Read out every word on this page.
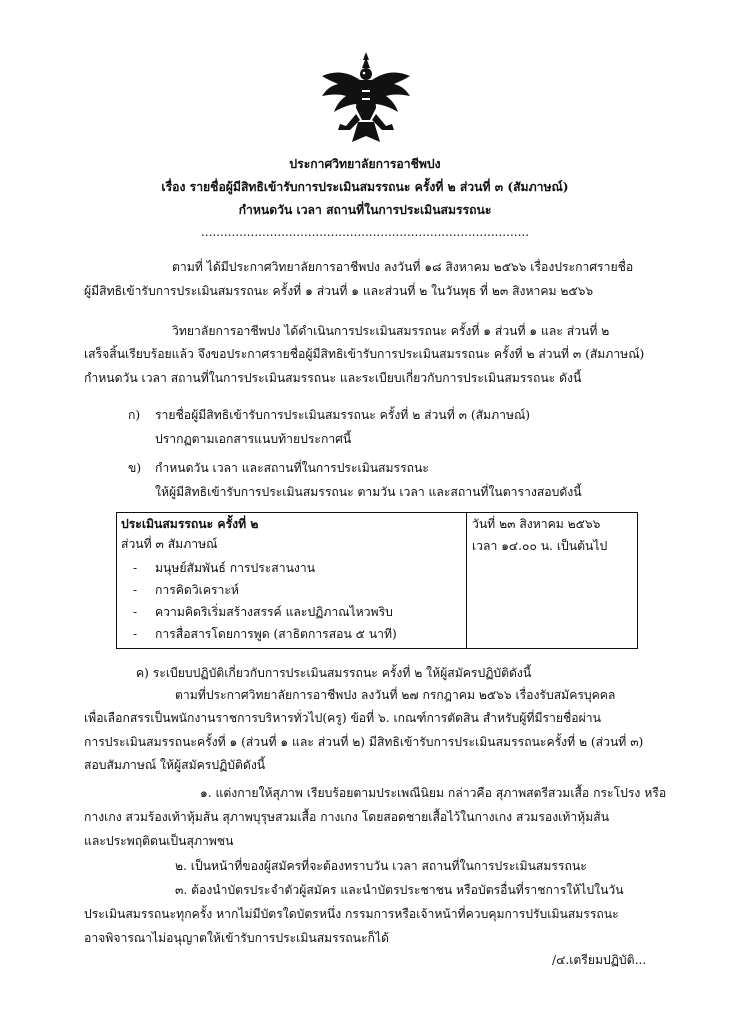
ประกาศวิทยาลัยการอาชีพปง
เรื่อง รายชื่อผู้มีสิทธิเข้ารับการประเมินสมรรถนะ ครั้งที่ ๒ ส่วนที่ ๓ (สัมภาษณ์)
กำหนดวัน เวลา สถานที่ในการประเมินสมรรถนะ
......................................................................................
ตามที่ ได้มีประกาศวิทยาลัยการอาชีพปง ลงวันที่ ๑๘ สิงหาคม ๒๕๖๖ เรื่องประกาศรายชื่อ
ผู้มีสิทธิเข้ารับการประเมินสมรรถนะ ครั้งที่ ๑ ส่วนที่ ๑ และส่วนที่ ๒ ในวันพุธ ที่ ๒๓ สิงหาคม ๒๕๖๖
วิทยาลัยการอาชีพปง ได้ดำเนินการประเมินสมรรถนะ ครั้งที่ ๑ ส่วนที่ ๑ และ ส่วนที่ ๒
เสร็จสิ้นเรียบร้อยแล้ว จึงขอประกาศรายชื่อผู้มีสิทธิเข้ารับการประเมินสมรรถนะ ครั้งที่ ๒ ส่วนที่ ๓ (สัมภาษณ์)
กำหนดวัน เวลา สถานที่ในการประเมินสมรรถนะ และระเบียบเกี่ยวกับการประเมินสมรรถนะ ดังนี้
ก) รายชื่อผู้มีสิทธิเข้ารับการประเมินสมรรถนะ ครั้งที่ ๒ ส่วนที่ ๓ (สัมภาษณ์)
ปรากฏตามเอกสารแนบท้ายประกาศนี้
ข) กำหนดวัน เวลา และสถานที่ในการประเมินสมรรถนะ
ให้ผู้มีสิทธิเข้ารับการประเมินสมรรถนะ ตามวัน เวลา และสถานที่ในตารางสอบดังนี้
ประเมินสมรรถนะ ครั้งที่ ๒
ส่วนที่ ๓ สัมภาษณ์
- มนุษย์สัมพันธ์ การประสานงาน
- การคิดวิเคราะห์
- ความคิดริเริ่มสร้างสรรค์ และปฏิภาณไหวพริบ
- การสื่อสารโดยการพูด (สาธิตการสอน ๕ นาที)
วันที่ ๒๓ สิงหาคม ๒๕๖๖
เวลา ๑๔.๐๐ น. เป็นต้นไป
ค) ระเบียบปฏิบัติเกี่ยวกับการประเมินสมรรถนะ ครั้งที่ ๒ ให้ผู้สมัครปฏิบัติดังนี้
ตามที่ประกาศวิทยาลัยการอาชีพปง ลงวันที่ ๒๗ กรกฎาคม ๒๕๖๖ เรื่องรับสมัครบุคคล
เพื่อเลือกสรรเป็นพนักงานราชการบริหารทั่วไป(ครู) ข้อที่ ๖. เกณฑ์การตัดสิน สำหรับผู้ที่มีรายชื่อผ่าน
การประเมินสมรรถนะครั้งที่ ๑ (ส่วนที่ ๑ และ ส่วนที่ ๒) มีสิทธิเข้ารับการประเมินสมรรถนะครั้งที่ ๒ (ส่วนที่ ๓)
สอบสัมภาษณ์ ให้ผู้สมัครปฏิบัติดังนี้
๑. แต่งกายให้สุภาพ เรียบร้อยตามประเพณีนิยม กล่าวคือ สุภาพสตรีสวมเสื้อ กระโปรง หรือ
กางเกง สวมร้องเท้าหุ้มส้น สุภาพบุรุษสวมเสื้อ กางเกง โดยสอดชายเสื้อไว้ในกางเกง สวมรองเท้าหุ้มส้น
และประพฤติตนเป็นสุภาพชน
๒. เป็นหน้าที่ของผู้สมัครที่จะต้องทราบวัน เวลา สถานที่ในการประเมินสมรรถนะ
๓. ต้องนำบัตรประจำตัวผู้สมัคร และนำบัตรประชาชน หรือบัตรอื่นที่ราชการให้ไปในวัน
ประเมินสมรรถนะทุกครั้ง หากไม่มีบัตรใดบัตรหนึ่ง กรรมการหรือเจ้าหน้าที่ควบคุมการปรับเมินสมรรถนะ
อาจพิจารณาไม่อนุญาตให้เข้ารับการประเมินสมรรถนะก็ได้
/๔.เตรียมปฏิบัติ...
